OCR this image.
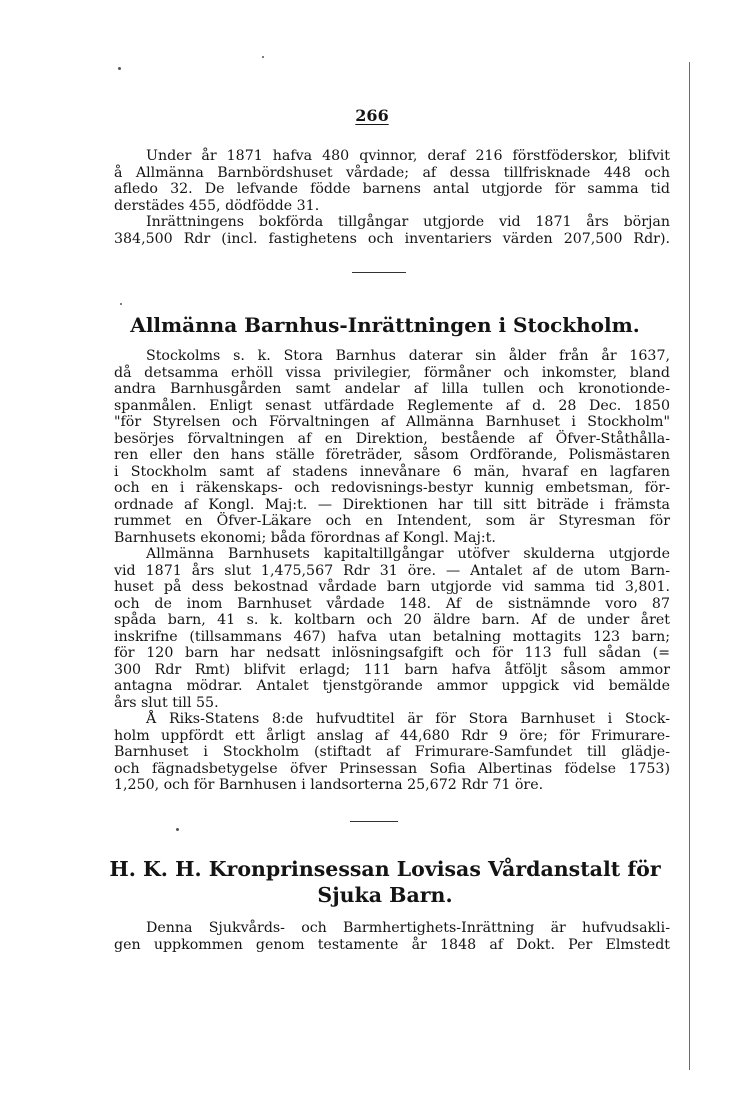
266
Under år 1871 hafva 480 qvinnor, deraf 216 förstföderskor, blifvit
å Allmänna Barnbördshuset vårdade; af dessa tillfrisknade 448 och
afledo 32. De lefvande födde barnens antal utgjorde för samma tid
derstädes 455, dödfödde 31.
Inrättningens bokförda tillgångar utgjorde vid 1871 års början
384,500 Rdr (incl. fastighetens och inventariers värden 207,500 Rdr).
Allmänna Barnhus-Inrättningen i Stockholm.
Stockolms s. k. Stora Barnhus daterar sin ålder från år 1637,
då detsamma erhöll vissa privilegier, förmåner och inkomster, bland
andra Barnhusgården samt andelar af lilla tullen och kronotionde-
spanmålen. Enligt senast utfärdade Reglemente af d. 28 Dec. 1850
"för Styrelsen och Förvaltningen af Allmänna Barnhuset i Stockholm"
besörjes förvaltningen af en Direktion, bestående af Öfver-Ståthålla-
ren eller den hans ställe företräder, såsom Ordförande, Polismästaren
i Stockholm samt af stadens innevånare 6 män, hvaraf en lagfaren
och en i räkenskaps- och redovisnings-bestyr kunnig embetsman, för-
ordnade af Kongl. Maj:t. — Direktionen har till sitt biträde i främsta
rummet en Öfver-Läkare och en Intendent, som är Styresman för
Barnhusets ekonomi; båda förordnas af Kongl. Maj:t.
Allmänna Barnhusets kapitaltillgångar utöfver skulderna utgjorde
vid 1871 års slut 1,475,567 Rdr 31 öre. — Antalet af de utom Barn-
huset på dess bekostnad vårdade barn utgjorde vid samma tid 3,801.
och de inom Barnhuset vårdade 148. Af de sistnämnde voro 87
spåda barn, 41 s. k. koltbarn och 20 äldre barn. Af de under året
inskrifne (tillsammans 467) hafva utan betalning mottagits 123 barn;
för 120 barn har nedsatt inlösningsafgift och för 113 full sådan (=
300 Rdr Rmt) blifvit erlagd; 111 barn hafva åtföljt såsom ammor
antagna mödrar. Antalet tjenstgörande ammor uppgick vid bemälde
års slut till 55.
Å Riks-Statens 8:de hufvudtitel är för Stora Barnhuset i Stock-
holm uppfördt ett årligt anslag af 44,680 Rdr 9 öre; för Frimurare-
Barnhuset i Stockholm (stiftadt af Frimurare-Samfundet till glädje-
och fägnadsbetygelse öfver Prinsessan Sofia Albertinas födelse 1753)
1,250, och för Barnhusen i landsorterna 25,672 Rdr 71 öre.
H. K. H. Kronprinsessan Lovisas Vårdanstalt för
Sjuka Barn.
Denna Sjukvårds- och Barmhertighets-Inrättning är hufvudsakli-
gen uppkommen genom testamente år 1848 af Dokt. Per Elmstedt
